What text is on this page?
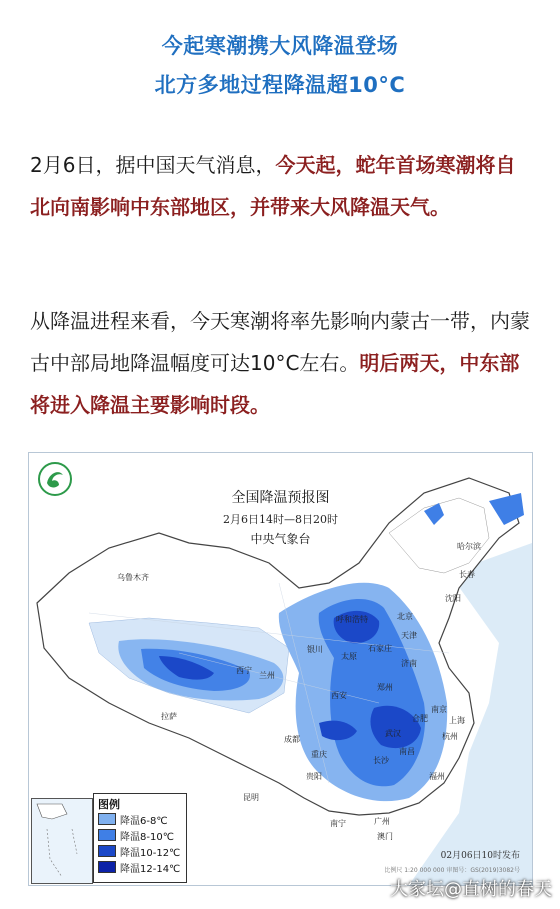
今起寒潮携大风降温登场
北方多地过程降温超10°C
2月6日，据中国天气消息，今天起，蛇年首场寒潮将自北向南影响中东部地区，并带来大风降温天气。
从降温进程来看，今天寒潮将率先影响内蒙古一带，内蒙古中部局地降温幅度可达10°C左右。明后两天，中东部将进入降温主要影响时段。
哈尔滨
长春
沈阳
乌鲁木齐
呼和浩特	北京
天津
银川	石家庄
太原
济南
西宁
兰州
郑州
西安
合肥
南京
上海
杭州
武汉
成都
重庆
长沙
南昌
拉萨
贵阳	福州
昆明
南宁	广州
澳门
全国降温预报图
2月6日14时—8日20时
中央气象台
图例
降温6-8℃
降温8-10℃
降温10-12℃
降温12-14℃
02月06日10时发布
比例尺 1:20 000 000 审图号：GS(2019)3082号
大家坛@直树的春天
